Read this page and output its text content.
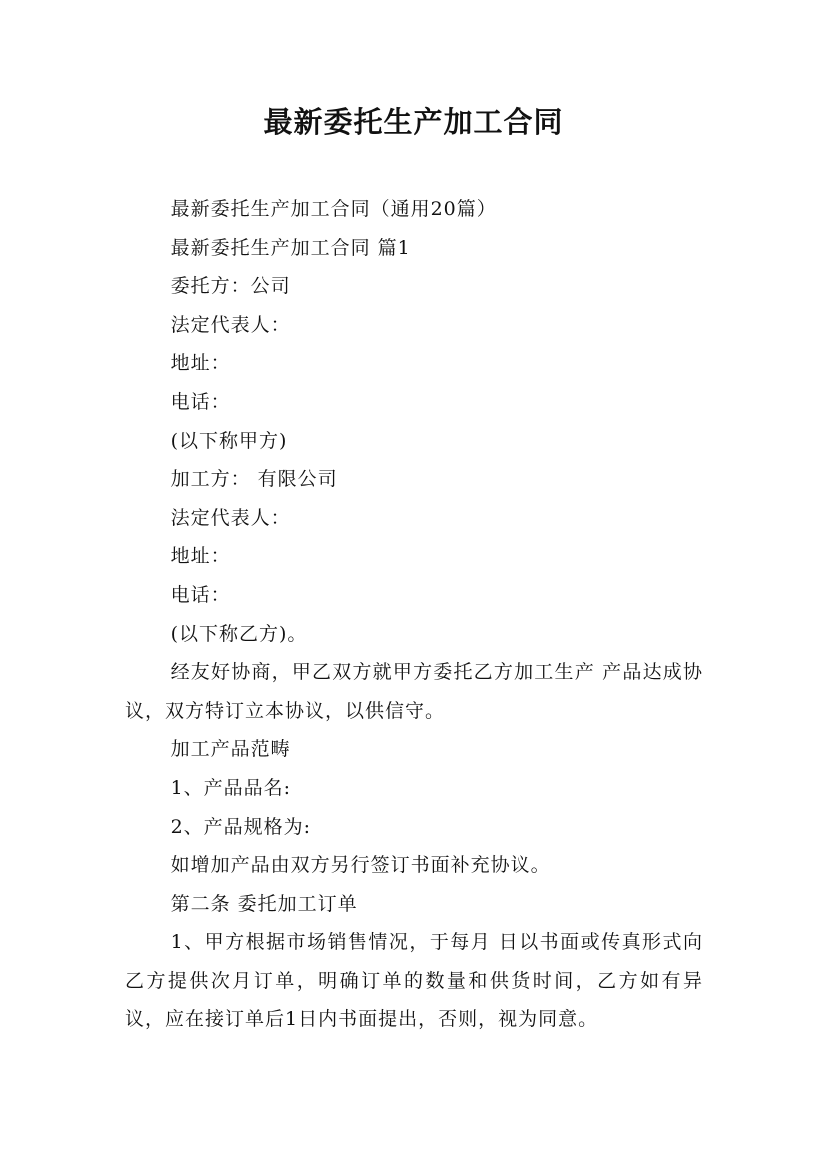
最新委托生产加工合同

最新委托生产加工合同（通用20篇）

最新委托生产加工合同 篇1

委托方：公司

法定代表人：

地址：

电话：

(以下称甲方)

加工方： 有限公司

法定代表人：

地址：

电话：

(以下称乙方)。

经友好协商，甲乙双方就甲方委托乙方加工生产 产品达成协议，双方特订立本协议，以供信守。

加工产品范畴

1、产品品名:

2、产品规格为:

如增加产品由双方另行签订书面补充协议。

第二条 委托加工订单

1、甲方根据市场销售情况，于每月 日以书面或传真形式向乙方提供次月订单，明确订单的数量和供货时间，乙方如有异议，应在接订单后1日内书面提出，否则，视为同意。
